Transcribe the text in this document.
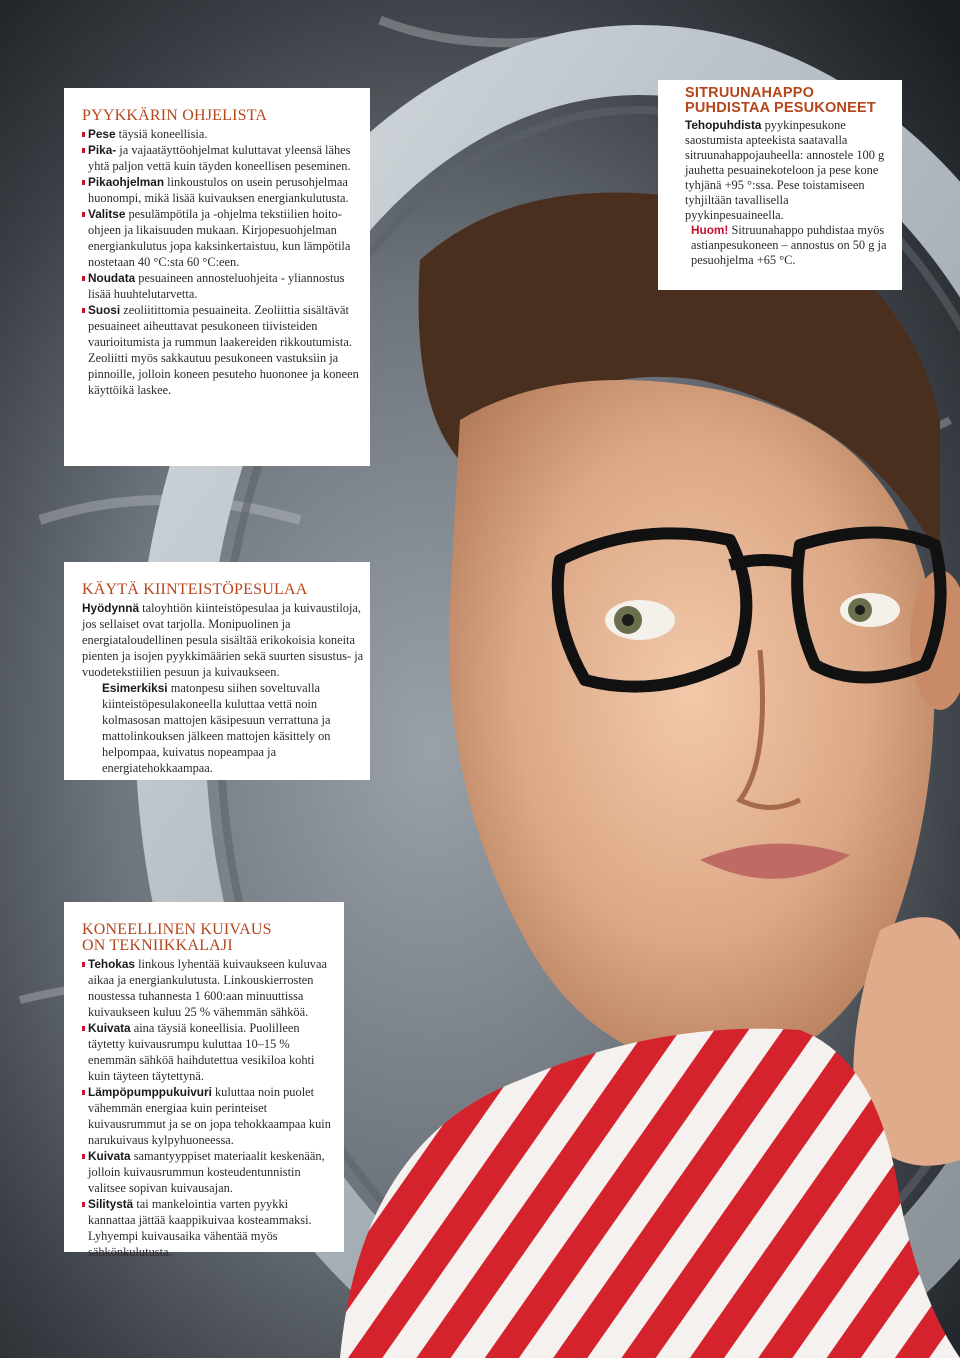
PYYKKÄRIN OHJELISTA

Pese täysiä koneellisia.

Pika- ja vajaatäyttöohjelmat kuluttavat yleensä lähes yhtä paljon vettä kuin täyden koneellisen peseminen.

Pikaohjelman linkoustulos on usein perusohjelmaa huonompi, mikä lisää kuivauksen energiankulutusta.

Valitse pesulämpötila ja -ohjelma tekstiilien hoito-ohjeen ja likaisuuden mukaan. Kirjopesuohjelman energiankulutus jopa kaksinkertaistuu, kun lämpötila nostetaan 40 °C:sta 60 °C:een.

Noudata pesuaineen annosteluohjeita - yliannostus lisää huuhtelutarvetta.

Suosi zeoliitittomia pesuaineita. Zeoliittia sisältävät pesuaineet aiheuttavat pesukoneen tiivisteiden vaurioitumista ja rummun laakereiden rikkoutumista. Zeoliitti myös sakkautuu pesukoneen vastuksiin ja pinnoille, jolloin koneen pesuteho huononee ja koneen käyttöikä laskee.

SITRUUNAHAPPO
PUHDISTAA PESUKONEET

Tehopuhdista pyykinpesukone saostumista apteekista saatavalla sitruunahappojauheella: annostele 100 g jauhetta pesuainekoteloon ja pese kone tyhjänä +95 °:ssa. Pese toistamiseen tyhjiltään tavallisella pyykinpesuaineella.

Huom! Sitruunahappo puhdistaa myös astianpesukoneen – annostus on 50 g ja pesuohjelma +65 °C.

KÄYTÄ KIINTEISTÖPESULAA

Hyödynnä taloyhtiön kiinteistöpesulaa ja kuivaustiloja, jos sellaiset ovat tarjolla. Monipuolinen ja energiataloudellinen pesula sisältää erikokoisia koneita pienten ja isojen pyykkimäärien sekä suurten sisustus- ja vuodetekstiilien pesuun ja kuivaukseen.

Esimerkiksi matonpesu siihen soveltuvalla kiinteistöpesulakoneella kuluttaa vettä noin kolmasosan mattojen käsipesuun verrattuna ja mattolinkouksen jälkeen mattojen käsittely on helpompaa, kuivatus nopeampaa ja energiatehokkaampaa.

KONEELLINEN KUIVAUS
ON TEKNIIKKALAJI

Tehokas linkous lyhentää kuivaukseen kuluvaa aikaa ja energiankulutusta. Linkouskierrosten noustessa tuhannesta 1 600:aan minuuttissa kuivaukseen kuluu 25 % vähemmän sähköä.

Kuivata aina täysiä koneellisia. Puolilleen täytetty kuivausrumpu kuluttaa 10–15 % enemmän sähköä haihdutettua vesikiloa kohti kuin täyteen täytettynä.

Lämpöpumppukuivuri kuluttaa noin puolet vähemmän energiaa kuin perinteiset kuivausrummut ja se on jopa tehokkaampaa kuin narukuivaus kylpyhuoneessa.

Kuivata samantyyppiset materiaalit keskenään, jolloin kuivausrummun kosteudentunnistin valitsee sopivan kuivausajan.

Silitystä tai mankelointia varten pyykki kannattaa jättää kaappikuivaa kosteammaksi. Lyhyempi kuivausaika vähentää myös sähkönkulutusta.
